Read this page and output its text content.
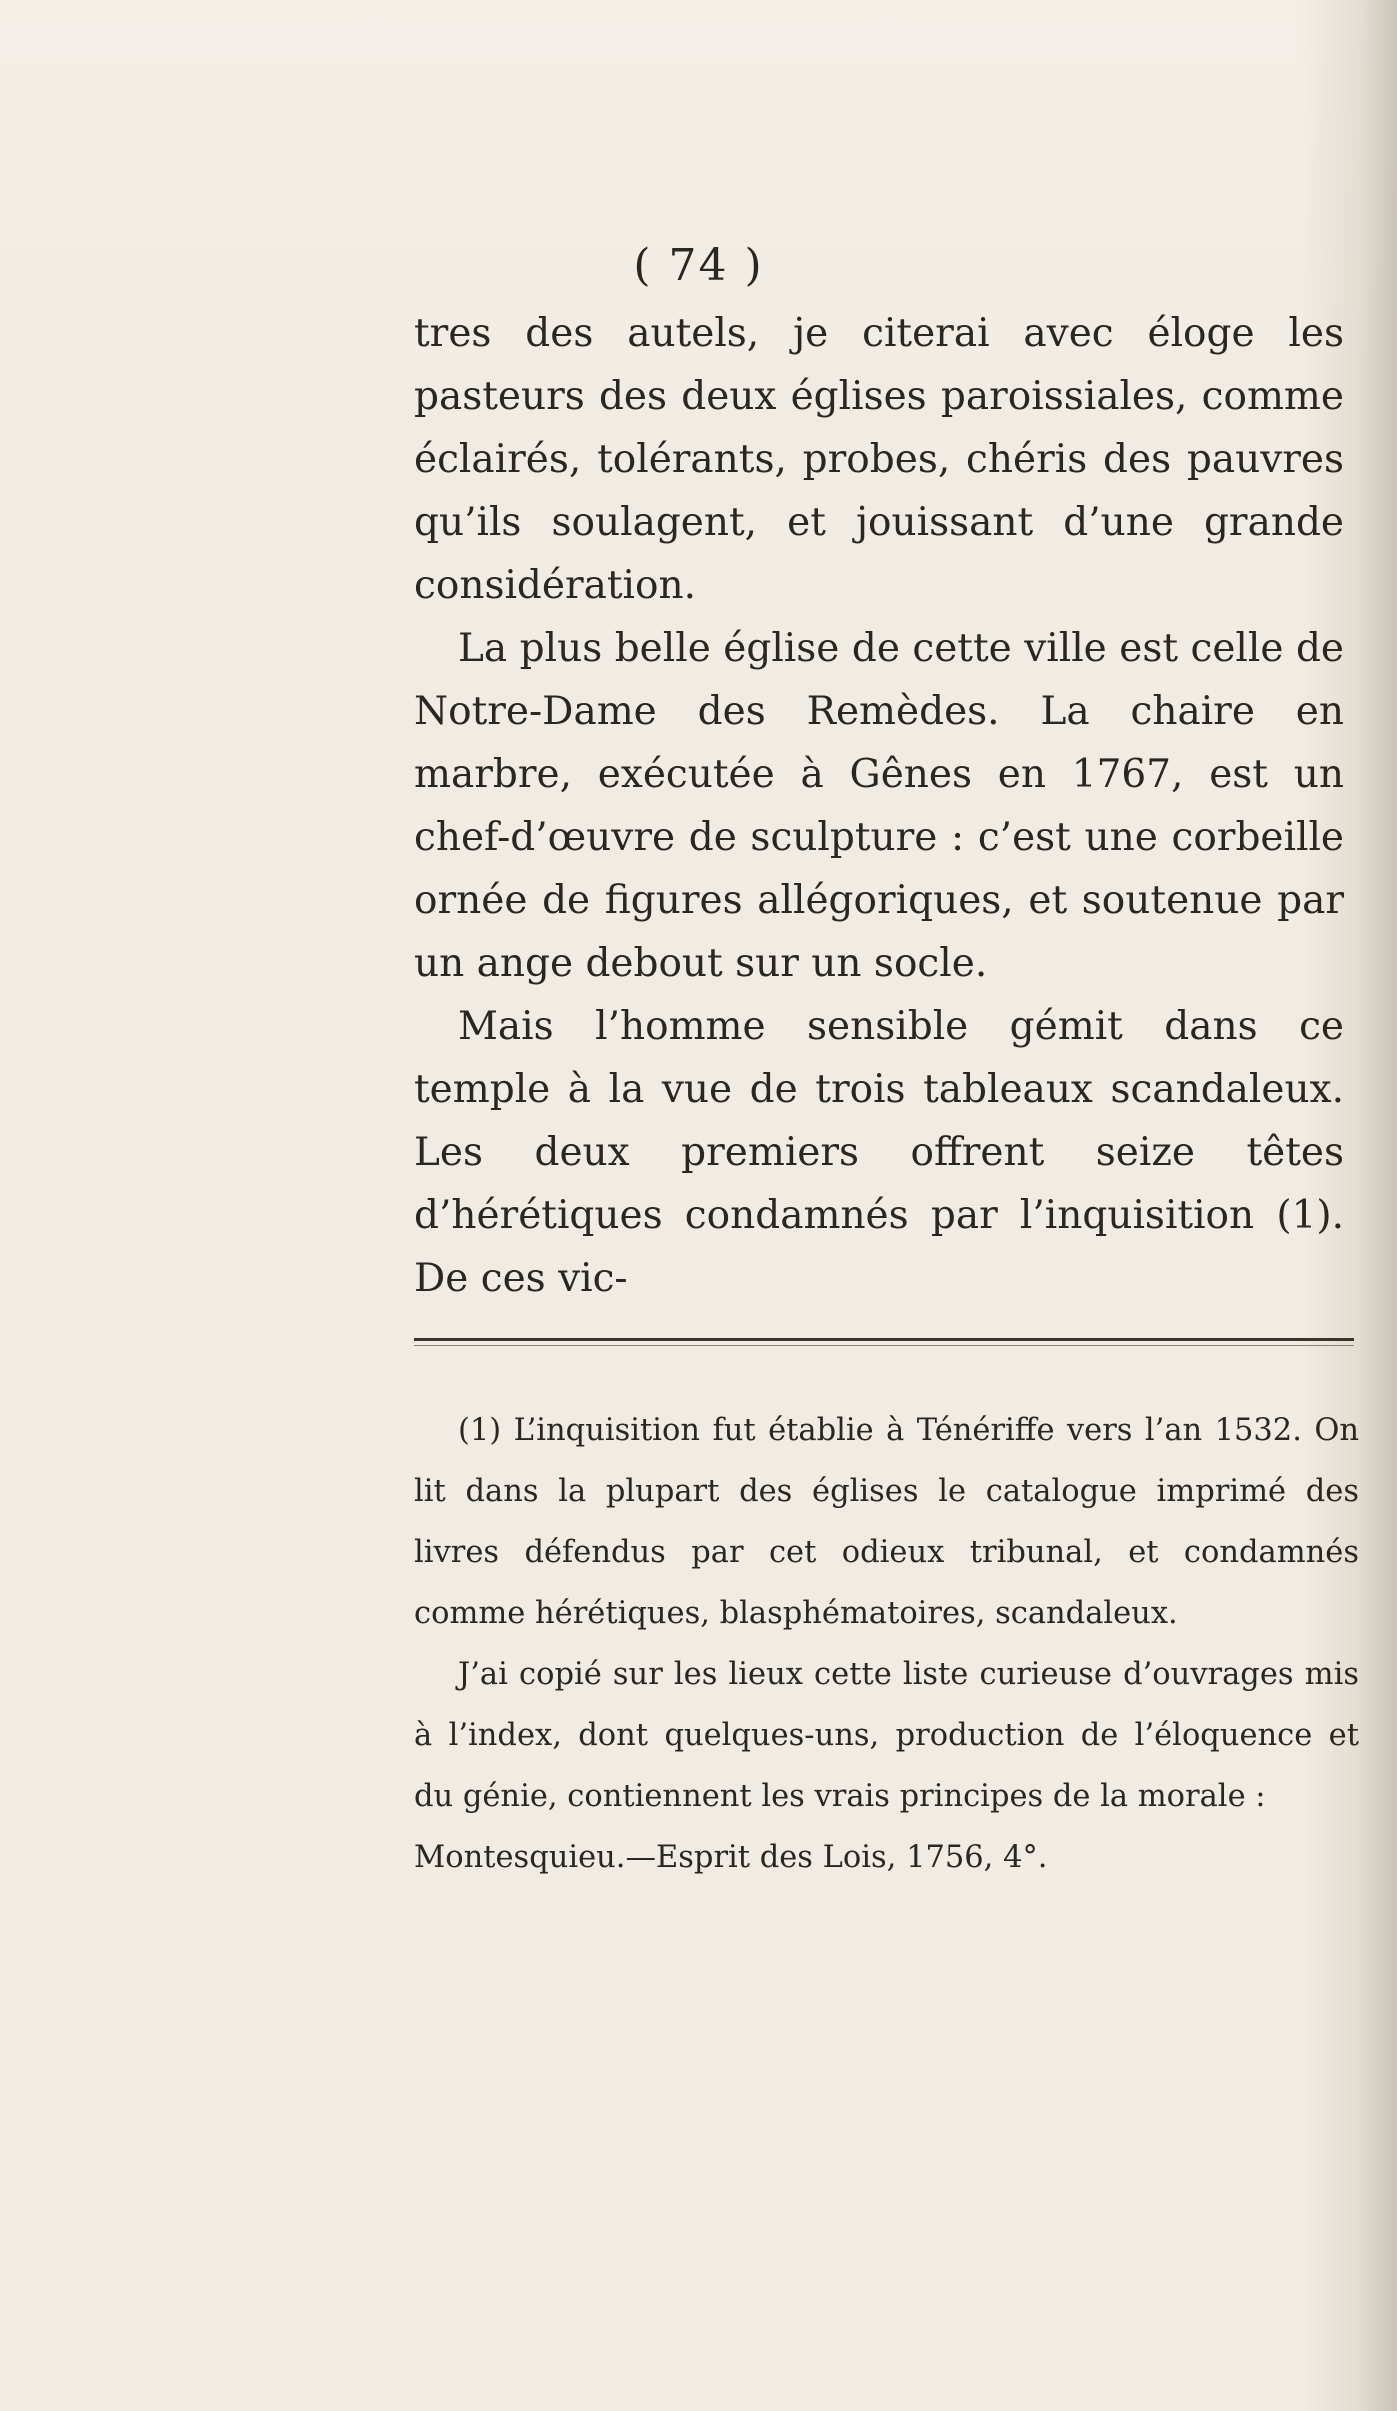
( 74 )

tres des autels, je citerai avec éloge les pasteurs des deux églises paroissiales, comme éclairés, tolérants, probes, chéris des pauvres qu’ils soulagent, et jouissant d’une grande considération.

La plus belle église de cette ville est celle de Notre-Dame des Remèdes. La chaire en marbre, exécutée à Gênes en 1767, est un chef-d’œuvre de sculpture : c’est une corbeille ornée de figures allégoriques, et soutenue par un ange debout sur un socle.

Mais l’homme sensible gémit dans ce temple à la vue de trois tableaux scandaleux. Les deux premiers offrent seize têtes d’hérétiques condamnés par l’inquisition (1). De ces vic-

(1) L’inquisition fut établie à Ténériffe vers l’an 1532. On lit dans la plupart des églises le catalogue imprimé des livres défendus par cet odieux tribunal, et condamnés comme hérétiques, blasphématoires, scandaleux.

J’ai copié sur les lieux cette liste curieuse d’ouvrages mis à l’index, dont quelques-uns, production de l’éloquence et du génie, contiennent les vrais principes de la morale :

Montesquieu.—Esprit des Lois, 1756, 4°.
